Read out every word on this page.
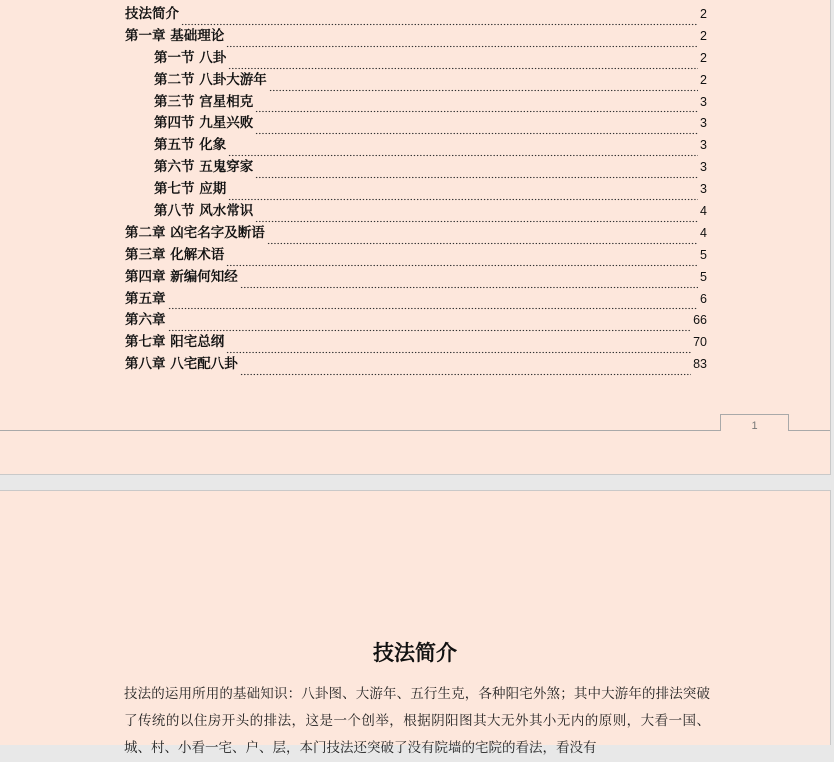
技法简介	2
第一章 基础理论	2
第一节 八卦	2
第二节 八卦大游年	2
第三节 宫星相克	3
第四节 九星兴败	3
第五节 化象	3
第六节 五鬼穿家	3
第七节 应期	3
第八节 风水常识	4
第二章 凶宅名字及断语	4
第三章 化解术语	5
第四章 新编何知经	5
第五章	6
第六章	66
第七章 阳宅总纲	70
第八章 八宅配八卦	83
1
技法简介

技法的运用所用的基础知识：八卦图、大游年、五行生克，各种阳宅外煞；其中大游年的排法突破了传统的以住房开头的排法，这是一个创举，根据阴阳图其大无外其小无内的原则，大看一国、城、村、小看一宅、户、层，本门技法还突破了没有院墙的宅院的看法，看没有
